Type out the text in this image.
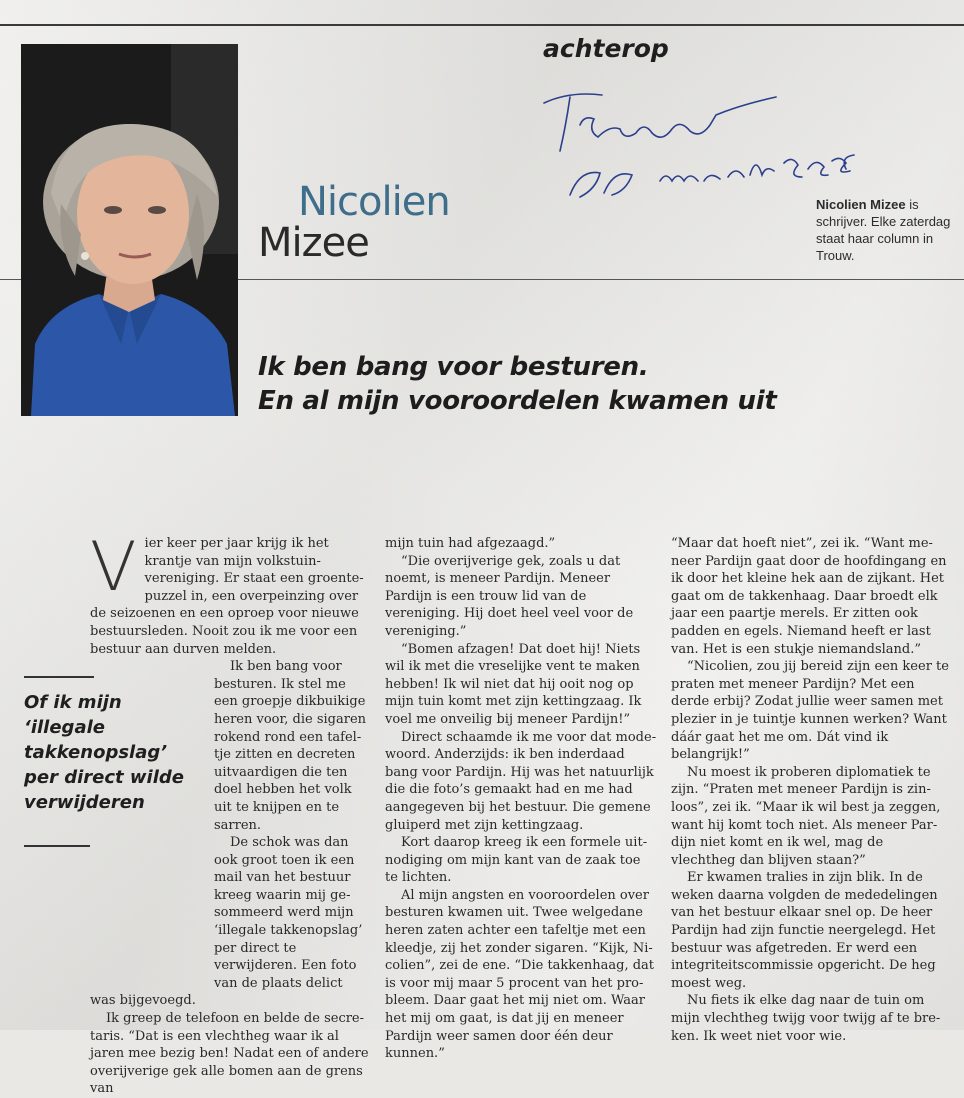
achterop
Nicolien
Mizee
Nicolien Mizee is schrijver. Elke zaterdag staat haar column in Trouw.
Ik ben bang voor besturen.
En al mijn vooroordelen kwamen uit
Of ik mijn ‘illegale takkenopslag’ per direct wilde verwijderen
V ier keer per jaar krijg ik het krantje van mijn volkstuinvereniging. Er staat een groentepuzzel in, een overpeinzing over de seizoenen en een oproep voor nieuwe bestuursleden. Nooit zou ik me voor een bestuur aan durven melden.

Ik ben bang voor besturen. Ik stel me een groepje dikbuikige heren voor, die sigaren rokend rond een tafeltje zitten en decreten uitvaardigen die ten doel hebben het volk uit te knijpen en te sarren.

De schok was dan ook groot toen ik een mail van het bestuur kreeg waarin mij gesommeerd werd mijn ‘illegale takkenopslag’ per direct te verwijderen. Een foto van de plaats delict was bijgevoegd.

Ik greep de telefoon en belde de secretaris. “Dat is een vlechtheg waar ik al jaren mee bezig ben! Nadat een of andere overijverige gek alle bomen aan de grens van

mijn tuin had afgezaagd.”

“Die overijverige gek, zoals u dat noemt, is meneer Pardijn. Meneer Pardijn is een trouw lid van de vereniging. Hij doet heel veel voor de vereniging.”

“Bomen afzagen! Dat doet hij! Niets wil ik met die vreselijke vent te maken hebben! Ik wil niet dat hij ooit nog op mijn tuin komt met zijn kettingzaag. Ik voel me onveilig bij meneer Pardijn!”

Direct schaamde ik me voor dat modewoord. Anderzijds: ik ben inderdaad bang voor Pardijn. Hij was het natuurlijk die die foto’s gemaakt had en me had aangegeven bij het bestuur. Die gemene gluiperd met zijn kettingzaag.

Kort daarop kreeg ik een formele uitnodiging om mijn kant van de zaak toe te lichten.

Al mijn angsten en vooroordelen over besturen kwamen uit. Twee welgedane heren zaten achter een tafeltje met een kleedje, zij het zonder sigaren. “Kijk, Nicolien”, zei de ene. “Die takkenhaag, dat is voor mij maar 5 procent van het probleem. Daar gaat het mij niet om. Waar het mij om gaat, is dat jij en meneer Pardijn weer samen door één deur kunnen.”

“Maar dat hoeft niet”, zei ik. “Want meneer Pardijn gaat door de hoofdingang en ik door het kleine hek aan de zijkant. Het gaat om de takkenhaag. Daar broedt elk jaar een paartje merels. Er zitten ook padden en egels. Niemand heeft er last van. Het is een stukje niemandsland.”

“Nicolien, zou jij bereid zijn een keer te praten met meneer Pardijn? Met een derde erbij? Zodat jullie weer samen met plezier in je tuintje kunnen werken? Want dáár gaat het me om. Dát vind ik belangrijk!”

Nu moest ik proberen diplomatiek te zijn. “Praten met meneer Pardijn is zinloos”, zei ik. “Maar ik wil best ja zeggen, want hij komt toch niet. Als meneer Pardijn niet komt en ik wel, mag de vlechtheg dan blijven staan?”

Er kwamen tralies in zijn blik. In de weken daarna volgden de mededelingen van het bestuur elkaar snel op. De heer Pardijn had zijn functie neergelegd. Het bestuur was afgetreden. Er werd een integriteitscommissie opgericht. De heg moest weg.

Nu fiets ik elke dag naar de tuin om mijn vlechtheg twijg voor twijg af te breken. Ik weet niet voor wie.
